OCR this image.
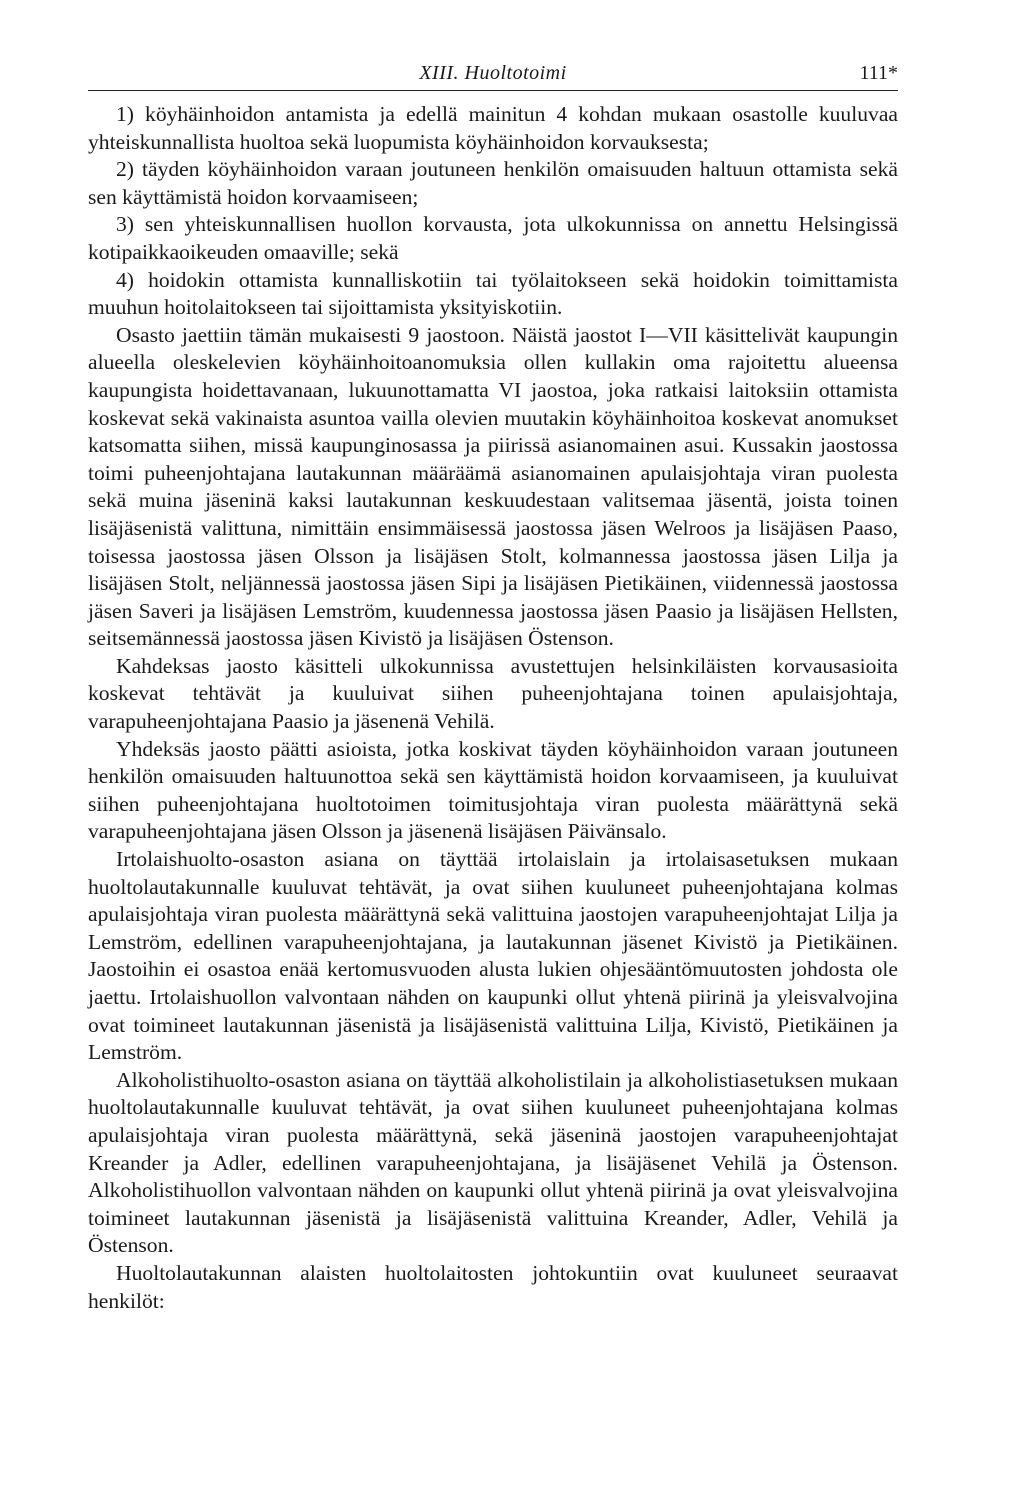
XIII. Huoltotoimi	111*

1) köyhäinhoidon antamista ja edellä mainitun 4 kohdan mukaan osastolle kuuluvaa yhteiskunnallista huoltoa sekä luopumista köyhäinhoidon korvauksesta;

2) täyden köyhäinhoidon varaan joutuneen henkilön omaisuuden haltuun ottamista sekä sen käyttämistä hoidon korvaamiseen;

3) sen yhteiskunnallisen huollon korvausta, jota ulkokunnissa on annettu Helsingissä kotipaikkaoikeuden omaaville; sekä

4) hoidokin ottamista kunnalliskotiin tai työlaitokseen sekä hoidokin toimittamista muuhun hoitolaitokseen tai sijoittamista yksityiskotiin.

Osasto jaettiin tämän mukaisesti 9 jaostoon. Näistä jaostot I—VII käsittelivät kaupungin alueella oleskelevien köyhäinhoitoanomuksia ollen kullakin oma rajoitettu alueensa kaupungista hoidettavanaan, lukuunottamatta VI jaostoa, joka ratkaisi laitoksiin ottamista koskevat sekä vakinaista asuntoa vailla olevien muutakin köyhäinhoitoa koskevat anomukset katsomatta siihen, missä kaupunginosassa ja piirissä asianomainen asui. Kussakin jaostossa toimi puheenjohtajana lautakunnan määräämä asianomainen apulaisjohtaja viran puolesta sekä muina jäseninä kaksi lautakunnan keskuudestaan valitsemaa jäsentä, joista toinen lisäjäsenistä valittuna, nimittäin ensimmäisessä jaostossa jäsen Welroos ja lisäjäsen Paaso, toisessa jaostossa jäsen Olsson ja lisäjäsen Stolt, kolmannessa jaostossa jäsen Lilja ja lisäjäsen Stolt, neljännessä jaostossa jäsen Sipi ja lisäjäsen Pietikäinen, viidennessä jaostossa jäsen Saveri ja lisäjäsen Lemström, kuudennessa jaostossa jäsen Paasio ja lisäjäsen Hellsten, seitsemännessä jaostossa jäsen Kivistö ja lisäjäsen Östenson.

Kahdeksas jaosto käsitteli ulkokunnissa avustettujen helsinkiläisten korvausasioita koskevat tehtävät ja kuuluivat siihen puheenjohtajana toinen apulaisjohtaja, varapuheenjohtajana Paasio ja jäsenenä Vehilä.

Yhdeksäs jaosto päätti asioista, jotka koskivat täyden köyhäinhoidon varaan joutuneen henkilön omaisuuden haltuunottoa sekä sen käyttämistä hoidon korvaamiseen, ja kuuluivat siihen puheenjohtajana huoltotoimen toimitusjohtaja viran puolesta määrättynä sekä varapuheenjohtajana jäsen Olsson ja jäsenenä lisäjäsen Päivänsalo.

Irtolaishuolto-osaston asiana on täyttää irtolaislain ja irtolaisasetuksen mukaan huoltolautakunnalle kuuluvat tehtävät, ja ovat siihen kuuluneet puheenjohtajana kolmas apulaisjohtaja viran puolesta määrättynä sekä valittuina jaostojen varapuheenjohtajat Lilja ja Lemström, edellinen varapuheenjohtajana, ja lautakunnan jäsenet Kivistö ja Pietikäinen. Jaostoihin ei osastoa enää kertomusvuoden alusta lukien ohjesääntömuutosten johdosta ole jaettu. Irtolaishuollon valvontaan nähden on kaupunki ollut yhtenä piirinä ja yleisvalvojina ovat toimineet lautakunnan jäsenistä ja lisäjäsenistä valittuina Lilja, Kivistö, Pietikäinen ja Lemström.

Alkoholistihuolto-osaston asiana on täyttää alkoholistilain ja alkoholistiasetuksen mukaan huoltolautakunnalle kuuluvat tehtävät, ja ovat siihen kuuluneet puheenjohtajana kolmas apulaisjohtaja viran puolesta määrättynä, sekä jäseninä jaostojen varapuheenjohtajat Kreander ja Adler, edellinen varapuheenjohtajana, ja lisäjäsenet Vehilä ja Östenson. Alkoholistihuollon valvontaan nähden on kaupunki ollut yhtenä piirinä ja ovat yleisvalvojina toimineet lautakunnan jäsenistä ja lisäjäsenistä valittuina Kreander, Adler, Vehilä ja Östenson.

Huoltolautakunnan alaisten huoltolaitosten johtokuntiin ovat kuuluneet seuraavat henkilöt:
